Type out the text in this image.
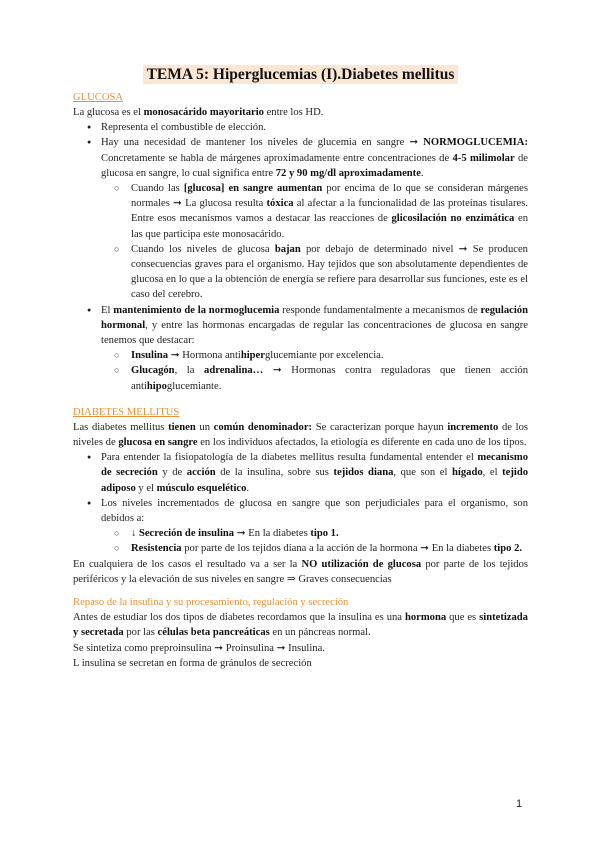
TEMA 5: Hiperglucemias (I).Diabetes mellitus
GLUCOSA

La glucosa es el monosacárido mayoritario entre los HD.

● Representa el combustible de elección.
● Hay una necesidad de mantener los niveles de glucemia en sangre ➞ NORMOGLUCEMIA: Concretamente se habla de márgenes aproximadamente entre concentraciones de 4-5 milimolar de glucosa en sangre, lo cual significa entre 72 y 90 mg/dl aproximadamente.
○ Cuando las [glucosa] en sangre aumentan por encima de lo que se consideran márgenes normales ➞ La glucosa resulta tóxica al afectar a la funcionalidad de las proteínas tisulares. Entre esos mecanismos vamos a destacar las reacciones de glicosilación no enzimática en las que participa este monosacárido.
○ Cuando los niveles de glucosa bajan por debajo de determinado nivel ➞ Se producen consecuencias graves para el organismo. Hay tejidos que son absolutamente dependientes de glucosa en lo que a la obtención de energía se refiere para desarrollar sus funciones, este es el caso del cerebro.
● El mantenimiento de la normoglucemia responde fundamentalmente a mecanismos de regulación hormonal, y entre las hormonas encargadas de regular las concentraciones de glucosa en sangre tenemos que destacar:
○ Insulina ➞ Hormona antihiperglucemiante por excelencia.
○ Glucagón, la adrenalina… ➞ Hormonas contra reguladoras que tienen acción antihipoglucemiante.
DIABETES MELLITUS

Las diabetes mellitus tienen un común denominador: Se caracterizan porque hayun incremento de los niveles de glucosa en sangre en los individuos afectados, la etiología es diferente en cada uno de los tipos.

● Para entender la fisiopatología de la diabetes mellitus resulta fundamental entender el mecanismo de secreción y de acción de la insulina, sobre sus tejidos diana, que son el hígado, el tejido adiposo y el músculo esquelético.
● Los niveles incrementados de glucosa en sangre que son perjudiciales para el organismo, son debidos a:
○ ↓ Secreción de insulina ➞ En la diabetes tipo 1.
○ Resistencia por parte de los tejidos diana a la acción de la hormona ➞ En la diabetes tipo 2.

En cualquiera de los casos el resultado va a ser la NO utilización de glucosa por parte de los tejidos periféricos y la elevación de sus niveles en sangre ⇒ Graves consecuencias

Repaso de la insulina y su procesamiento, regulación y secreción

Antes de estudiar los dos tipos de diabetes recordamos que la insulina es una hormona que es sintetizada y secretada por las células beta pancreáticas en un páncreas normal.

Se sintetiza como preproinsulina ➞ Proinsulina ➞ Insulina.

L insulina se secretan en forma de gránulos de secreción

1
